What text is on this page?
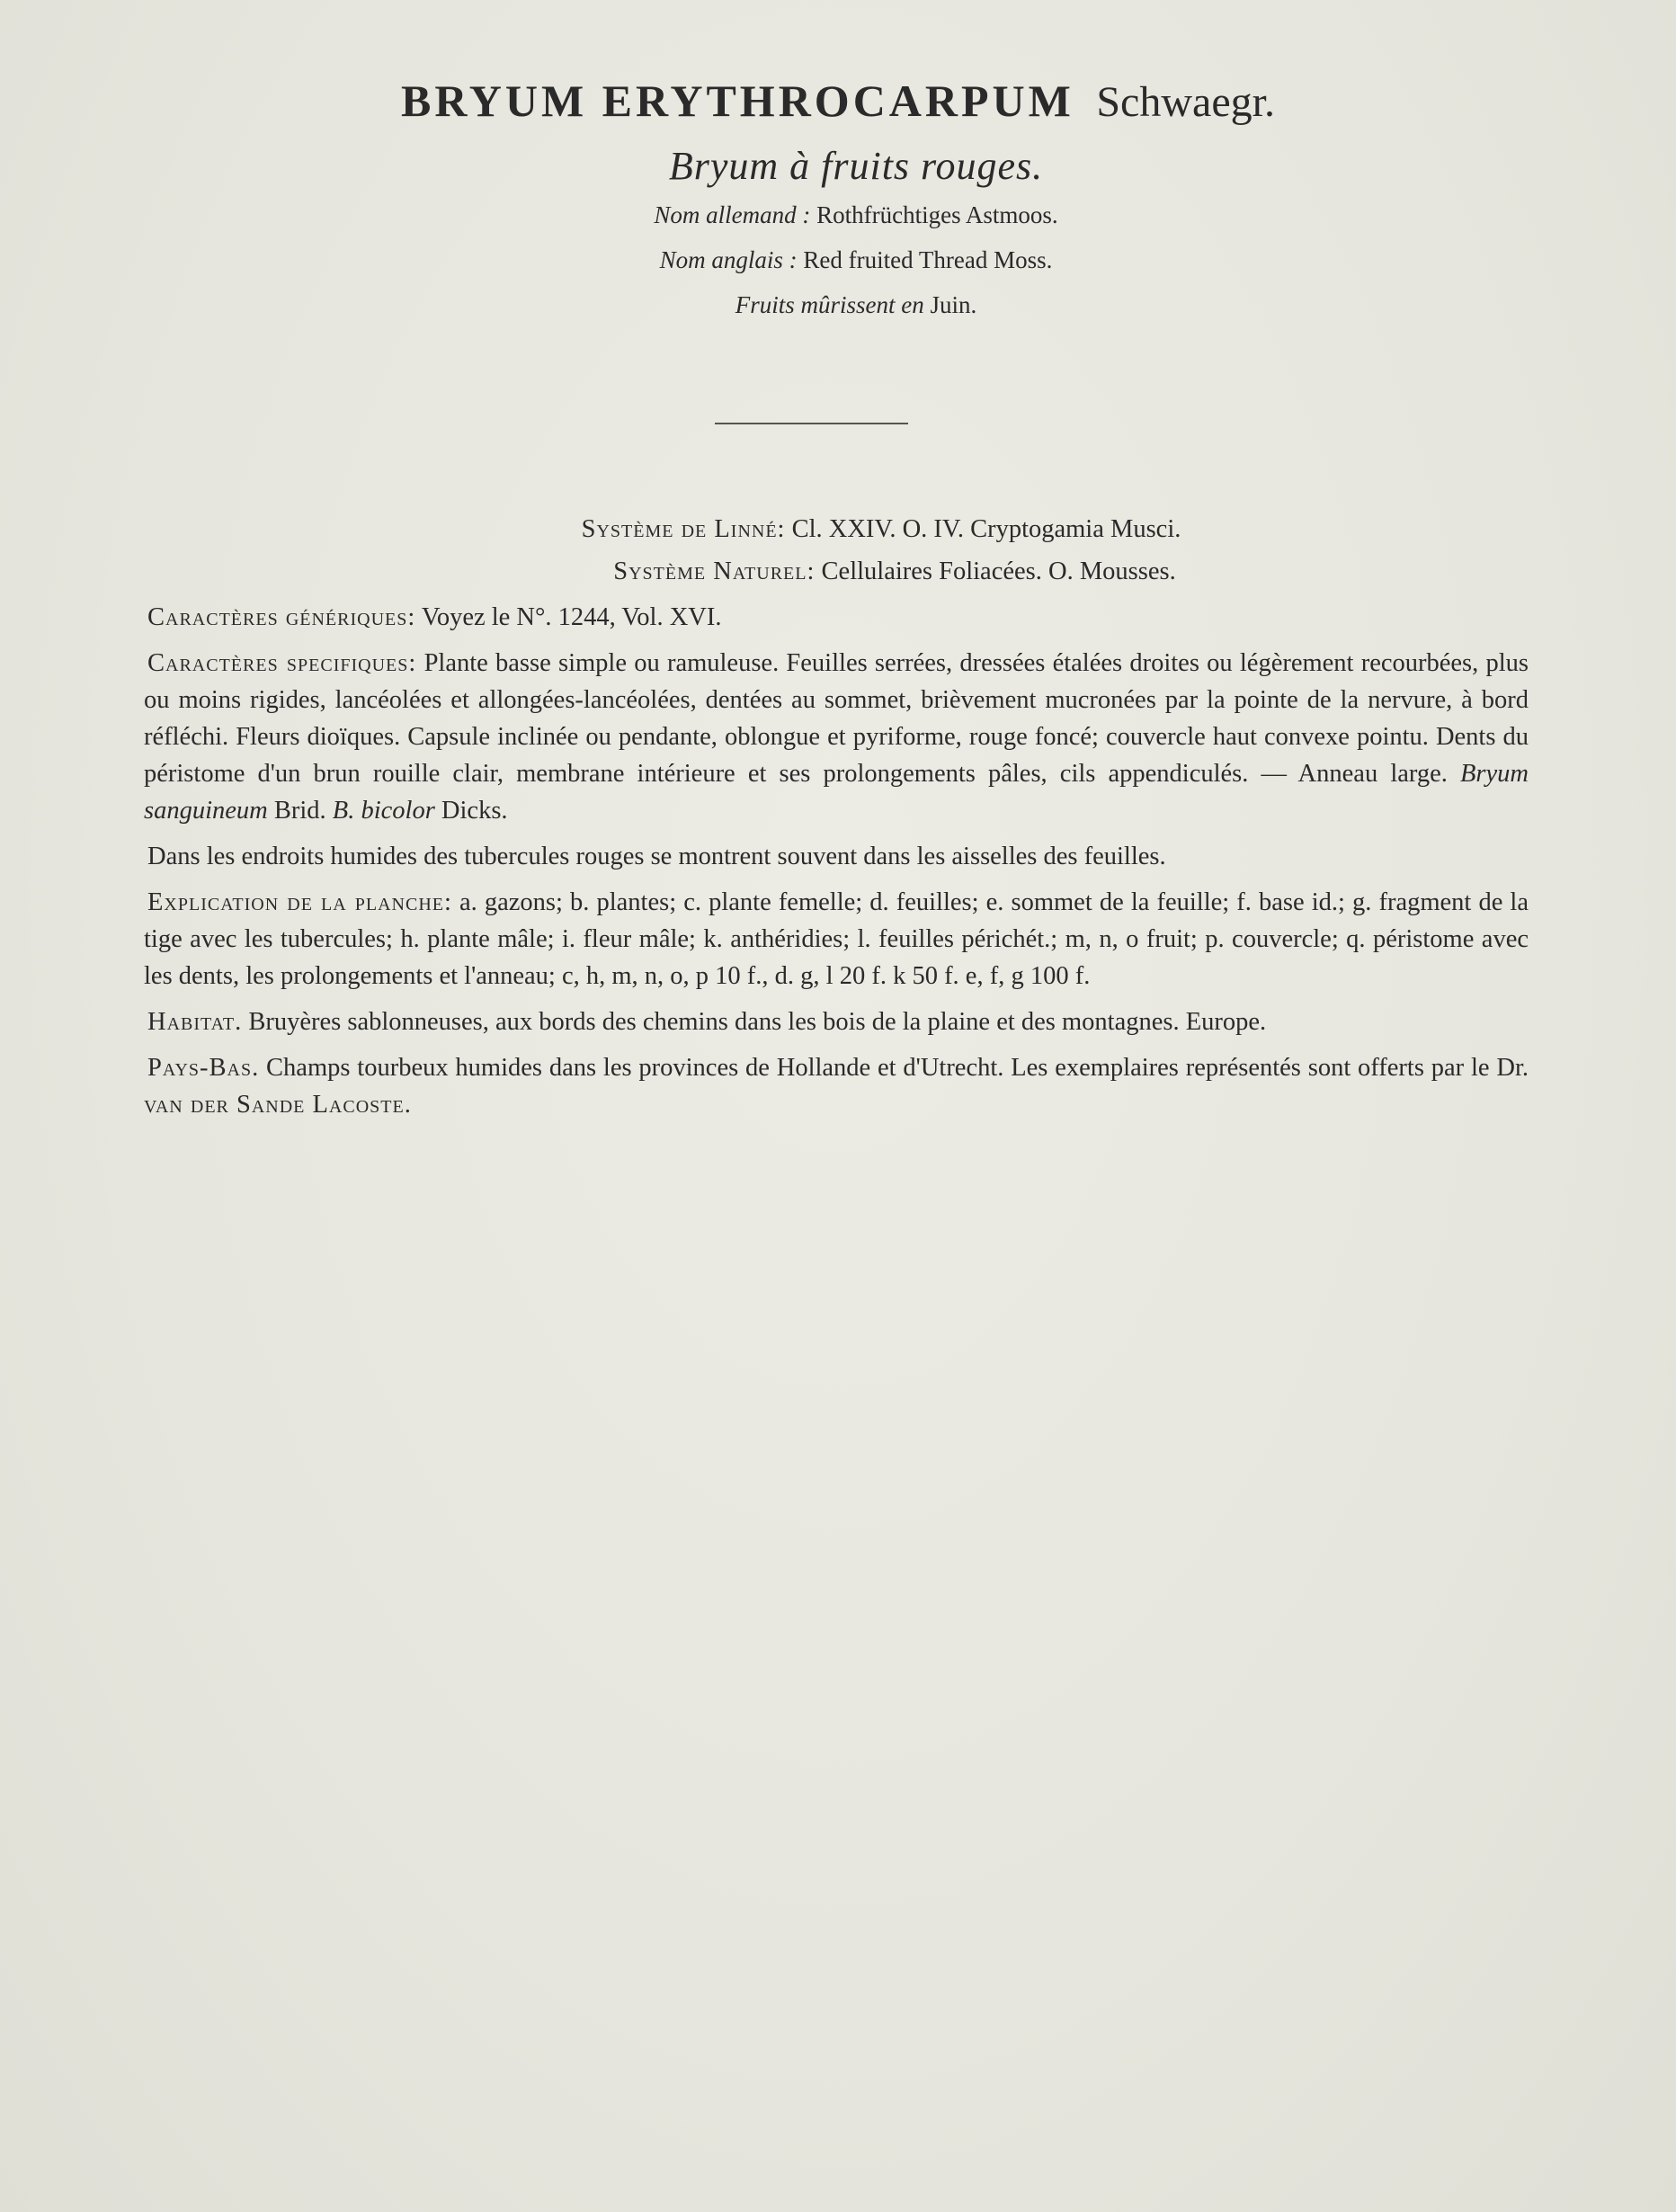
BRYUM ERYTHROCARPUM Schwaegr.
Bryum à fruits rouges.
Nom allemand : Rothfrüchtiges Astmoos.
Nom anglais : Red fruited Thread Moss.
Fruits mûrissent en Juin.
Système de Linné: Cl. XXIV. O. IV. Cryptogamia Musci.
Système Naturel: Cellulaires Foliacées. O. Mousses.
Caractères génériques: Voyez le N°. 1244, Vol. XVI.
Caractères specifiques: Plante basse simple ou ramuleuse. Feuilles serrées, dressées étalées droites ou légèrement recourbées, plus ou moins rigides, lancéolées et allongées-lancéolées, dentées au sommet, brièvement mucronées par la pointe de la nervure, à bord réfléchi. Fleurs dioïques. Capsule inclinée ou pendante, oblongue et pyriforme, rouge foncé; couvercle haut convexe pointu. Dents du péristome d'un brun rouille clair, membrane intérieure et ses prolongements pâles, cils appendiculés. — Anneau large. Bryum sanguineum Brid. B. bicolor Dicks.
Dans les endroits humides des tubercules rouges se montrent souvent dans les aisselles des feuilles.
Explication de la planche: a. gazons; b. plantes; c. plante femelle; d. feuilles; e. sommet de la feuille; f. base id.; g. fragment de la tige avec les tubercules; h. plante mâle; i. fleur mâle; k. anthéridies; l. feuilles périchét.; m, n, o fruit; p. couvercle; q. péristome avec les dents, les prolongements et l'anneau; c, h, m, n, o, p 10 f., d. g, l 20 f. k 50 f. e, f, g 100 f.
Habitat. Bruyères sablonneuses, aux bords des chemins dans les bois de la plaine et des montagnes. Europe.
Pays-Bas. Champs tourbeux humides dans les provinces de Hollande et d'Utrecht. Les exemplaires représentés sont offerts par le Dr. van der Sande Lacoste.
